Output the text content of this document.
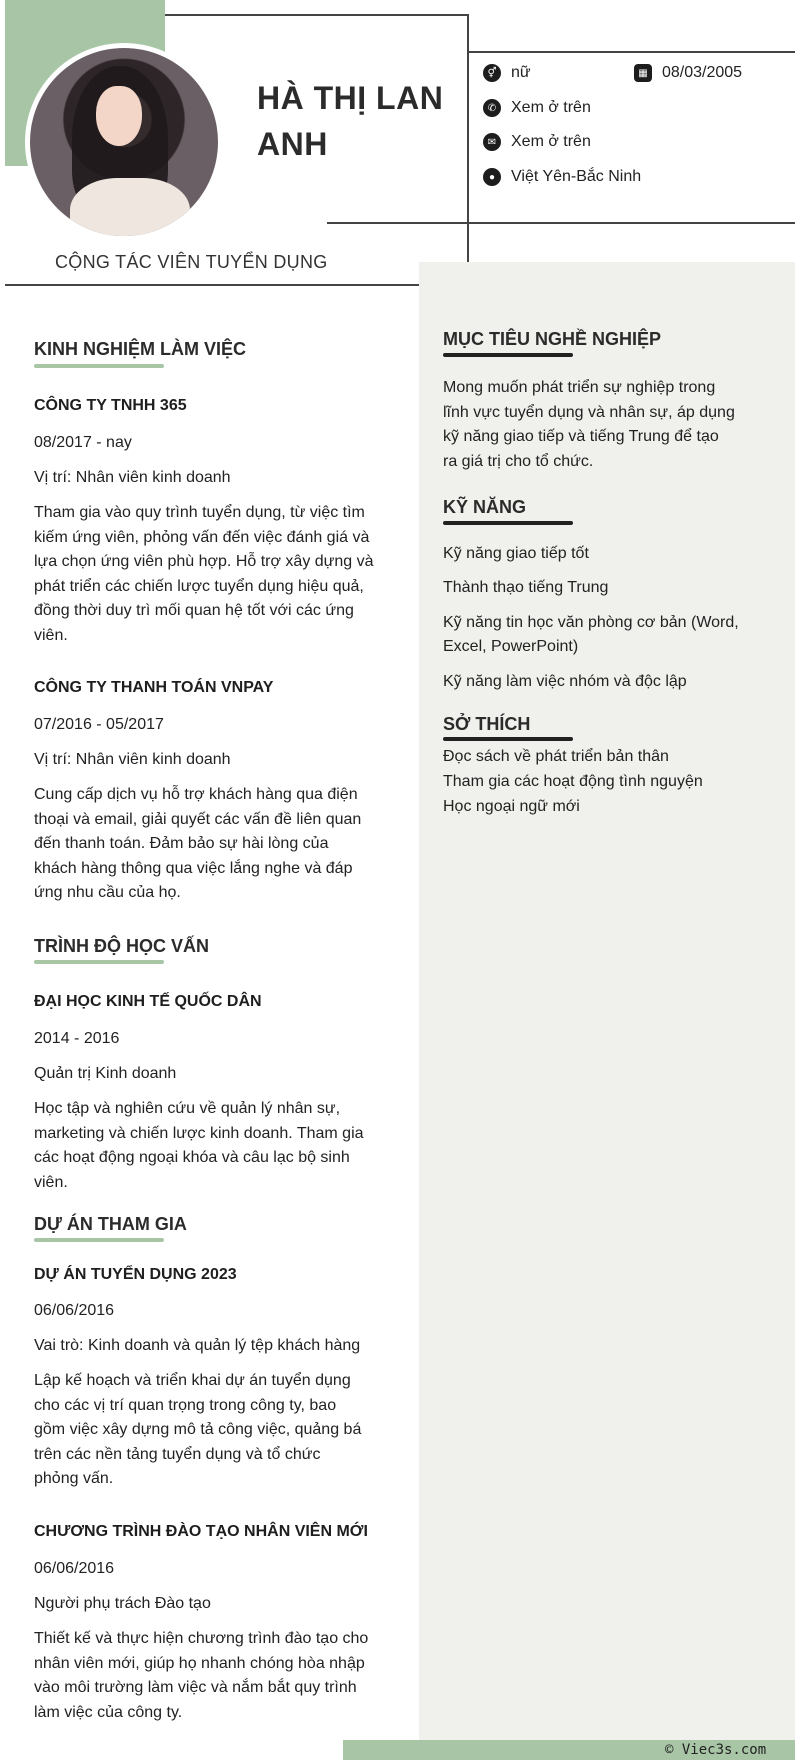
HÀ THỊ LAN
ANH
CỘNG TÁC VIÊN TUYỂN DỤNG
⚥ nữ	▦ 08/03/2005
✆ Xem ở trên
✉ Xem ở trên
● Việt Yên-Bắc Ninh
KINH NGHIỆM LÀM VIỆC
CÔNG TY TNHH 365
08/2017 - nay
Vị trí: Nhân viên kinh doanh
Tham gia vào quy trình tuyển dụng, từ việc tìm
kiếm ứng viên, phỏng vấn đến việc đánh giá và
lựa chọn ứng viên phù hợp. Hỗ trợ xây dựng và
phát triển các chiến lược tuyển dụng hiệu quả,
đồng thời duy trì mối quan hệ tốt với các ứng
viên.
CÔNG TY THANH TOÁN VNPAY
07/2016 - 05/2017
Vị trí: Nhân viên kinh doanh
Cung cấp dịch vụ hỗ trợ khách hàng qua điện
thoại và email, giải quyết các vấn đề liên quan
đến thanh toán. Đảm bảo sự hài lòng của
khách hàng thông qua việc lắng nghe và đáp
ứng nhu cầu của họ.
TRÌNH ĐỘ HỌC VẤN
ĐẠI HỌC KINH TẾ QUỐC DÂN
2014 - 2016
Quản trị Kinh doanh
Học tập và nghiên cứu về quản lý nhân sự,
marketing và chiến lược kinh doanh. Tham gia
các hoạt động ngoại khóa và câu lạc bộ sinh
viên.
DỰ ÁN THAM GIA
DỰ ÁN TUYỂN DỤNG 2023
06/06/2016
Vai trò: Kinh doanh và quản lý tệp khách hàng
Lập kế hoạch và triển khai dự án tuyển dụng
cho các vị trí quan trọng trong công ty, bao
gồm việc xây dựng mô tả công việc, quảng bá
trên các nền tảng tuyển dụng và tổ chức
phỏng vấn.
CHƯƠNG TRÌNH ĐÀO TẠO NHÂN VIÊN MỚI
06/06/2016
Người phụ trách Đào tạo
Thiết kế và thực hiện chương trình đào tạo cho
nhân viên mới, giúp họ nhanh chóng hòa nhập
vào môi trường làm việc và nắm bắt quy trình
làm việc của công ty.
MỤC TIÊU NGHỀ NGHIỆP
Mong muốn phát triển sự nghiệp trong
lĩnh vực tuyển dụng và nhân sự, áp dụng
kỹ năng giao tiếp và tiếng Trung để tạo
ra giá trị cho tổ chức.
KỸ NĂNG
Kỹ năng giao tiếp tốt
Thành thạo tiếng Trung
Kỹ năng tin học văn phòng cơ bản (Word,
Excel, PowerPoint)
Kỹ năng làm việc nhóm và độc lập
SỞ THÍCH
Đọc sách về phát triển bản thân
Tham gia các hoạt động tình nguyện
Học ngoại ngữ mới
© Viec3s.com
